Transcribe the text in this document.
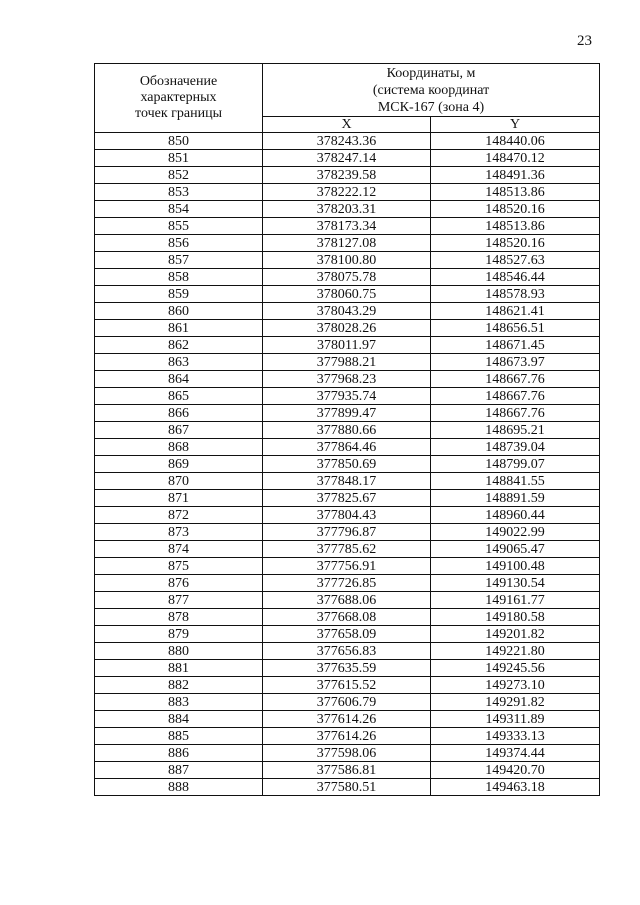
23
Обозначение
характерных
точек границы	Координаты, м
(система координат
МСК-167 (зона 4)	

	X	Y
850	378243.36	148440.06
851	378247.14	148470.12
852	378239.58	148491.36
853	378222.12	148513.86
854	378203.31	148520.16
855	378173.34	148513.86
856	378127.08	148520.16
857	378100.80	148527.63
858	378075.78	148546.44
859	378060.75	148578.93
860	378043.29	148621.41
861	378028.26	148656.51
862	378011.97	148671.45
863	377988.21	148673.97
864	377968.23	148667.76
865	377935.74	148667.76
866	377899.47	148667.76
867	377880.66	148695.21
868	377864.46	148739.04
869	377850.69	148799.07
870	377848.17	148841.55
871	377825.67	148891.59
872	377804.43	148960.44
873	377796.87	149022.99
874	377785.62	149065.47
875	377756.91	149100.48
876	377726.85	149130.54
877	377688.06	149161.77
878	377668.08	149180.58
879	377658.09	149201.82
880	377656.83	149221.80
881	377635.59	149245.56
882	377615.52	149273.10
883	377606.79	149291.82
884	377614.26	149311.89
885	377614.26	149333.13
886	377598.06	149374.44
887	377586.81	149420.70
888	377580.51	149463.18
